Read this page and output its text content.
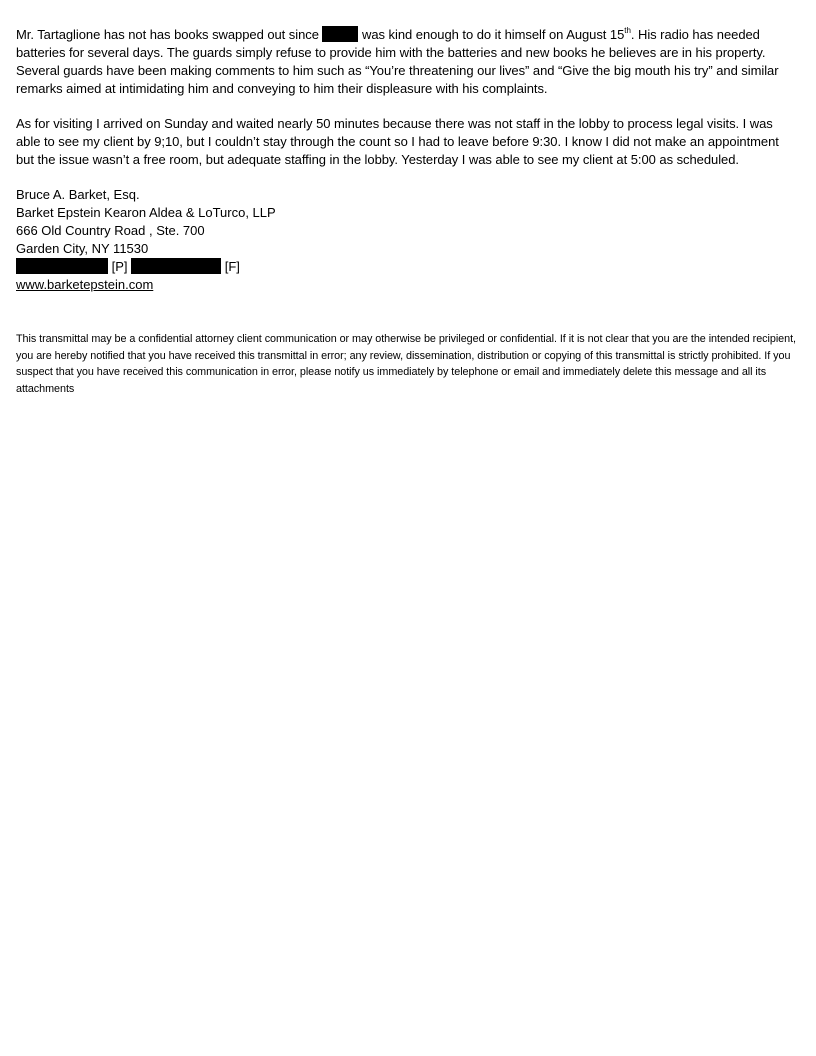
Mr. Tartaglione has not has books swapped out since	was kind enough to do it himself on August 15th. His radio has needed batteries for several days. The guards simply refuse to provide him with the batteries and new books he believes are in his property. Several guards have been making comments to him such as “You’re threatening our lives” and “Give the big mouth his try” and similar remarks aimed at intimidating him and conveying to him their displeasure with his complaints.

As for visiting I arrived on Sunday and waited nearly 50 minutes because there was not staff in the lobby to process legal visits. I was able to see my client by 9;10, but I couldn’t stay through the count so I had to leave before 9:30. I know I did not make an appointment but the issue wasn’t a free room, but adequate staffing in the lobby. Yesterday I was able to see my client at 5:00 as scheduled.

Bruce A. Barket, Esq.
Barket Epstein Kearon Aldea & LoTurco, LLP
666 Old Country Road , Ste. 700
Garden City, NY 11530
[P]	[F]
www.barketepstein.com

This transmittal may be a confidential attorney client communication or may otherwise be privileged or confidential. If it is not clear that you are the intended recipient, you are hereby notified that you have received this transmittal in error; any review, dissemination, distribution or copying of this transmittal is strictly prohibited. If you suspect that you have received this communication in error, please notify us immediately by telephone or email and immediately delete this message and all its attachments
